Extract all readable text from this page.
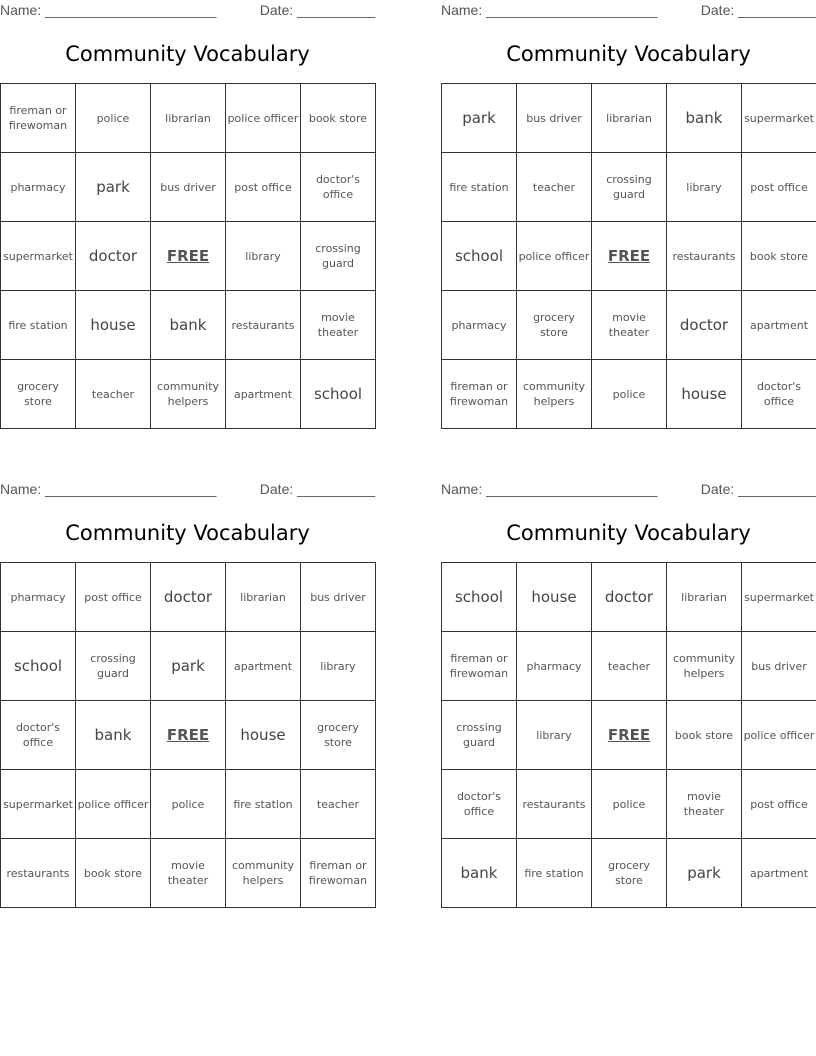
Name: ______________________	Date: __________
Community Vocabulary
fireman or firewoman	police	librarian	police officer	book store
pharmacy	park	bus driver	post office	doctor's office
supermarket	doctor	FREE	library	crossing guard
fire station	house	bank	restaurants	movie theater
grocery store	teacher	community helpers	apartment	school
Name: ______________________	Date: __________
Community Vocabulary
park	bus driver	librarian	bank	supermarket
fire station	teacher	crossing guard	library	post office
school	police officer	FREE	restaurants	book store
pharmacy	grocery store	movie theater	doctor	apartment
fireman or firewoman	community helpers	police	house	doctor's office
Name: ______________________	Date: __________
Community Vocabulary
pharmacy	post office	doctor	librarian	bus driver
school	crossing guard	park	apartment	library
doctor's office	bank	FREE	house	grocery store
supermarket	police officer	police	fire station	teacher
restaurants	book store	movie theater	community helpers	fireman or firewoman
Name: ______________________	Date: __________
Community Vocabulary
school	house	doctor	librarian	supermarket
fireman or firewoman	pharmacy	teacher	community helpers	bus driver
crossing guard	library	FREE	book store	police officer
doctor's office	restaurants	police	movie theater	post office
bank	fire station	grocery store	park	apartment
